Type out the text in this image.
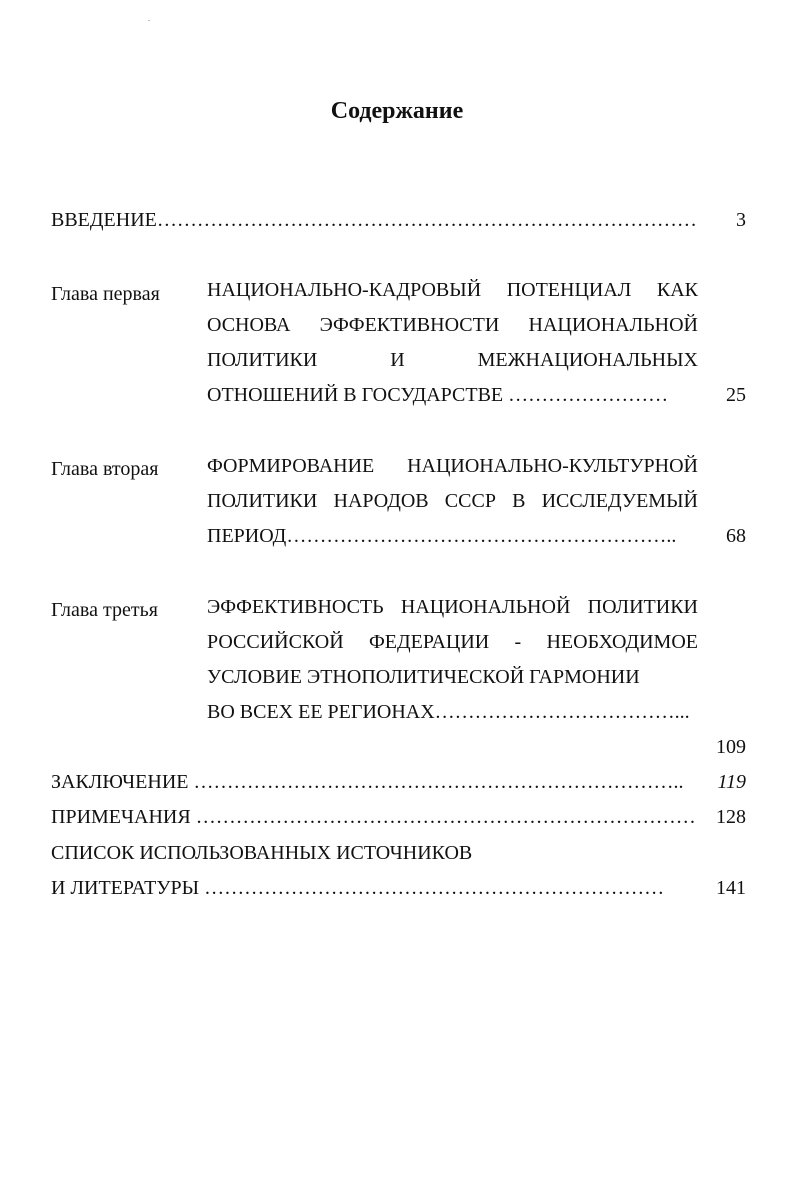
Содержание
ВВЕДЕНИЕ……………………………………………………………………… 3
Глава первая НАЦИОНАЛЬНО-КАДРОВЫЙ ПОТЕНЦИАЛ КАК
ОСНОВА ЭФФЕКТИВНОСТИ НАЦИОНАЛЬНОЙ
ПОЛИТИКИ	И	МЕЖНАЦИОНАЛЬНЫХ
ОТНОШЕНИЙ В ГОСУДАРСТВЕ ……………………	25
Глава вторая ФОРМИРОВАНИЕ НАЦИОНАЛЬНО-КУЛЬТУРНОЙ
ПОЛИТИКИ НАРОДОВ СССР В ИССЛЕДУЕМЫЙ
ПЕРИОД………………………………………………….. 68
Глава третья ЭФФЕКТИВНОСТЬ НАЦИОНАЛЬНОЙ ПОЛИТИКИ
РОССИЙСКОЙ ФЕДЕРАЦИИ - НЕОБХОДИМОЕ
УСЛОВИЕ ЭТНОПОЛИТИЧЕСКОЙ ГАРМОНИИ
ВО ВСЕХ ЕЕ РЕГИОНАХ………………………………...
109
ЗАКЛЮЧЕНИЕ ……………………………………………………………….. 119
ПРИМЕЧАНИЯ ………………………………………………………………… 128
СПИСОК ИСПОЛЬЗОВАННЫХ ИСТОЧНИКОВ
И ЛИТЕРАТУРЫ ……………………………………………………………	141
